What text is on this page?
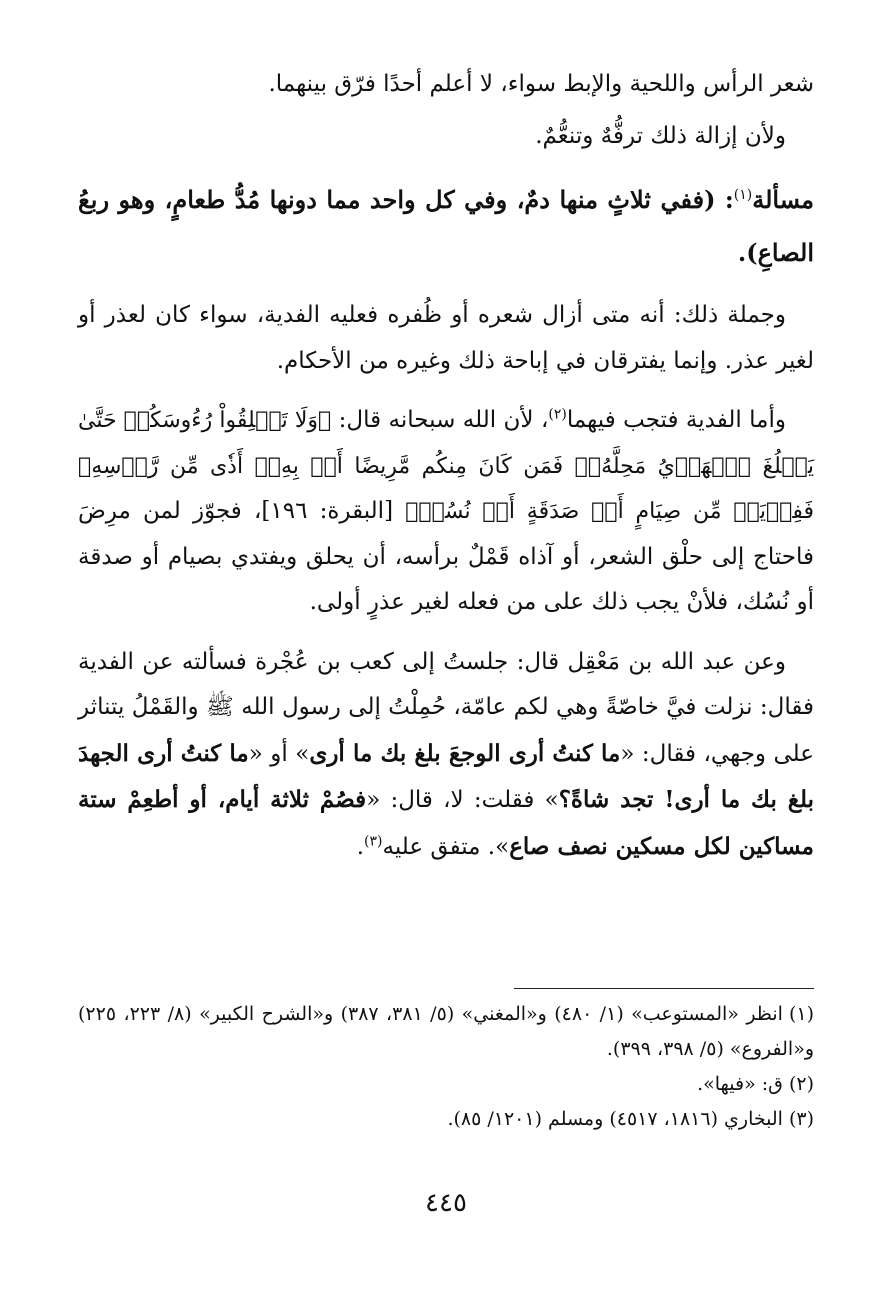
شعر الرأس واللحية والإبط سواء، لا أعلم أحدًا فرّق بينهما.

ولأن إزالة ذلك ترفُّهٌ وتنعُّمٌ.

مسألة$^{(١)}$: (ففي ثلاثٍ منها دمٌ، وفي كل واحد مما دونها مُدُّ طعامٍ، وهو ربعُ الصاعِ).

وجملة ذلك: أنه متى أزال شعره أو ظُفره فعليه الفدية، سواء كان لعذر أو لغير عذر. وإنما يفترقان في إباحة ذلك وغيره من الأحكام.

وأما الفدية فتجب فيهما$^{(٢)}$، لأن الله سبحانه قال: ﴿وَلَا تَحۡلِقُواْ رُءُوسَكُمۡ حَتَّىٰ يَبۡلُغَ ٱلۡهَدۡيُ مَحِلَّهُۥۚ فَمَن كَانَ مِنكُم مَّرِيضًا أَوۡ بِهِۦٓ أَذٗى مِّن رَّأۡسِهِۦ فَفِدۡيَةٞ مِّن صِيَامٍ أَوۡ صَدَقَةٍ أَوۡ نُسُكٖ﴾ [البقرة: ١٩٦]، فجوّز لمن مرِضَ فاحتاج إلى حلْق الشعر، أو آذاه قَمْلٌ برأسه، أن يحلق ويفتدي بصيام أو صدقة أو نُسُك، فلأنْ يجب ذلك على من فعله لغير عذرٍ أولى.

وعن عبد الله بن مَعْقِل قال: جلستُ إلى كعب بن عُجْرة فسألته عن الفدية فقال: نزلت فيَّ خاصّةً وهي لكم عامّة، حُمِلْتُ إلى رسول الله ﷺ والقَمْلُ يتناثر على وجهي، فقال: «ما كنتُ أرى الوجعَ بلغ بك ما أرى» أو «ما كنتُ أرى الجهدَ بلغ بك ما أرى! تجد شاةً؟» فقلت: لا، قال: «فصُمْ ثلاثة أيام، أو أطعِمْ ستة مساكين لكل مسكين نصف صاع». متفق عليه$^{(٣)}$.

(١)انظر «المستوعب» (١/ ٤٨٠) و«المغني» (٥/ ٣٨١، ٣٨٧) و«الشرح الكبير» (٨/ ٢٢٣، ٢٢٥) و«الفروع» (٥/ ٣٩٨، ٣٩٩).

(٢)ق: «فيها».

(٣)البخاري (١٨١٦، ٤٥١٧) ومسلم (١٢٠١/ ٨٥).

٤٤٥
